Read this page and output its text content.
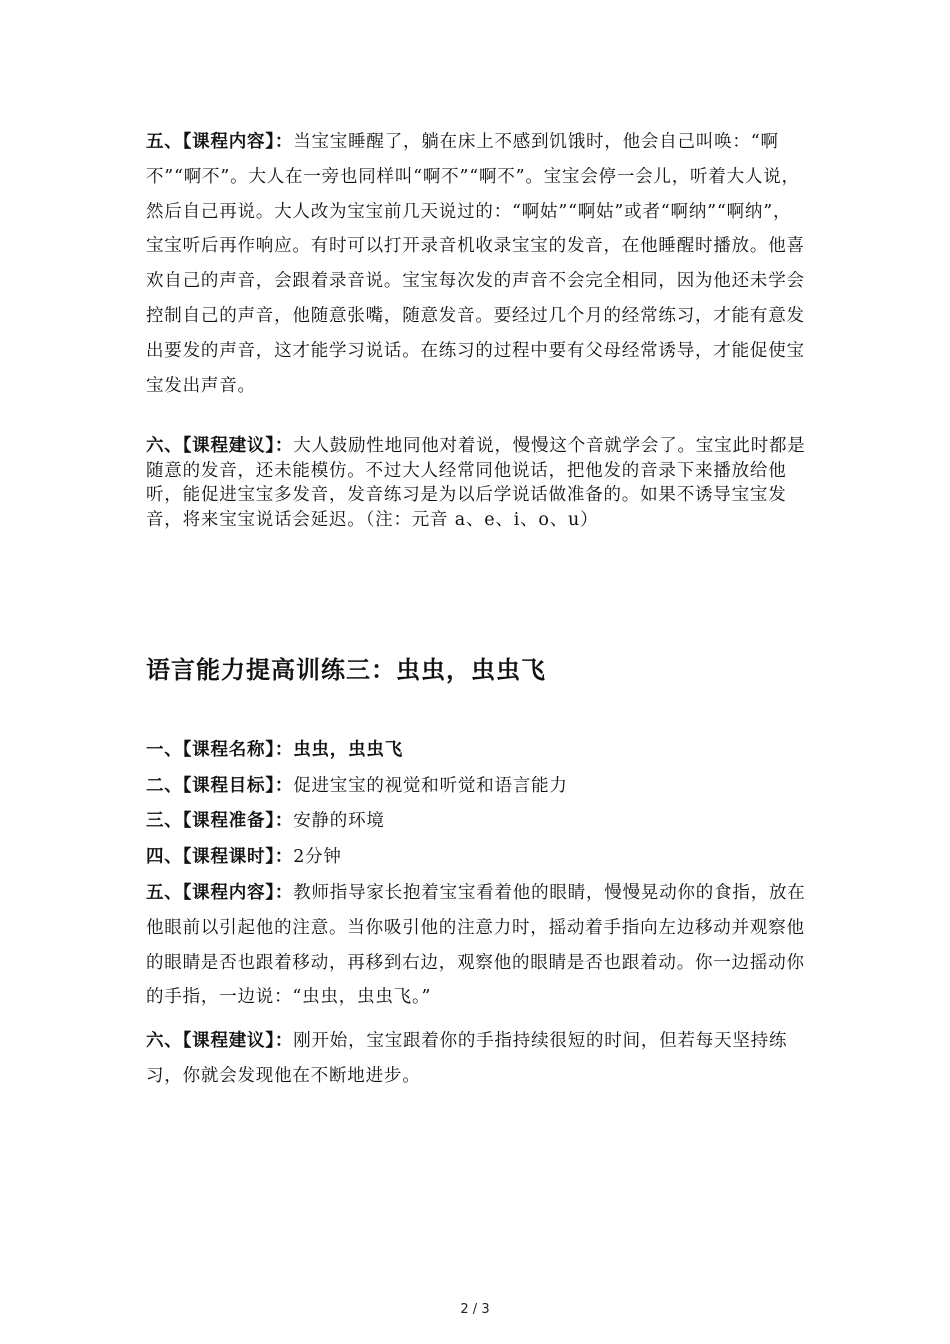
五、【课程内容】：当宝宝睡醒了，躺在床上不感到饥饿时，他会自己叫唤：“啊不”“啊不”。大人在一旁也同样叫“啊不”“啊不”。宝宝会停一会儿，听着大人说，然后自己再说。大人改为宝宝前几天说过的：“啊姑”“啊姑”或者“啊纳”“啊纳”，宝宝听后再作响应。有时可以打开录音机收录宝宝的发音，在他睡醒时播放。他喜欢自己的声音，会跟着录音说。宝宝每次发的声音不会完全相同，因为他还未学会控制自己的声音，他随意张嘴，随意发音。要经过几个月的经常练习，才能有意发出要发的声音，这才能学习说话。在练习的过程中要有父母经常诱导，才能促使宝宝发出声音。

六、【课程建议】：大人鼓励性地同他对着说，慢慢这个音就学会了。宝宝此时都是随意的发音，还未能模仿。不过大人经常同他说话，把他发的音录下来播放给他听，能促进宝宝多发音，发音练习是为以后学说话做准备的。如果不诱导宝宝发音，将来宝宝说话会延迟。（注：元音 a、e、i、o、u）

语言能力提高训练三：虫虫，虫虫飞

一、【课程名称】：虫虫，虫虫飞

二、【课程目标】：促进宝宝的视觉和听觉和语言能力

三、【课程准备】：安静的环境

四、【课程课时】：2分钟

五、【课程内容】：教师指导家长抱着宝宝看着他的眼睛，慢慢晃动你的食指，放在他眼前以引起他的注意。当你吸引他的注意力时，摇动着手指向左边移动并观察他的眼睛是否也跟着移动，再移到右边，观察他的眼睛是否也跟着动。你一边摇动你的手指，一边说：“虫虫，虫虫飞。”

六、【课程建议】：刚开始，宝宝跟着你的手指持续很短的时间，但若每天坚持练习，你就会发现他在不断地进步。

2 / 3
